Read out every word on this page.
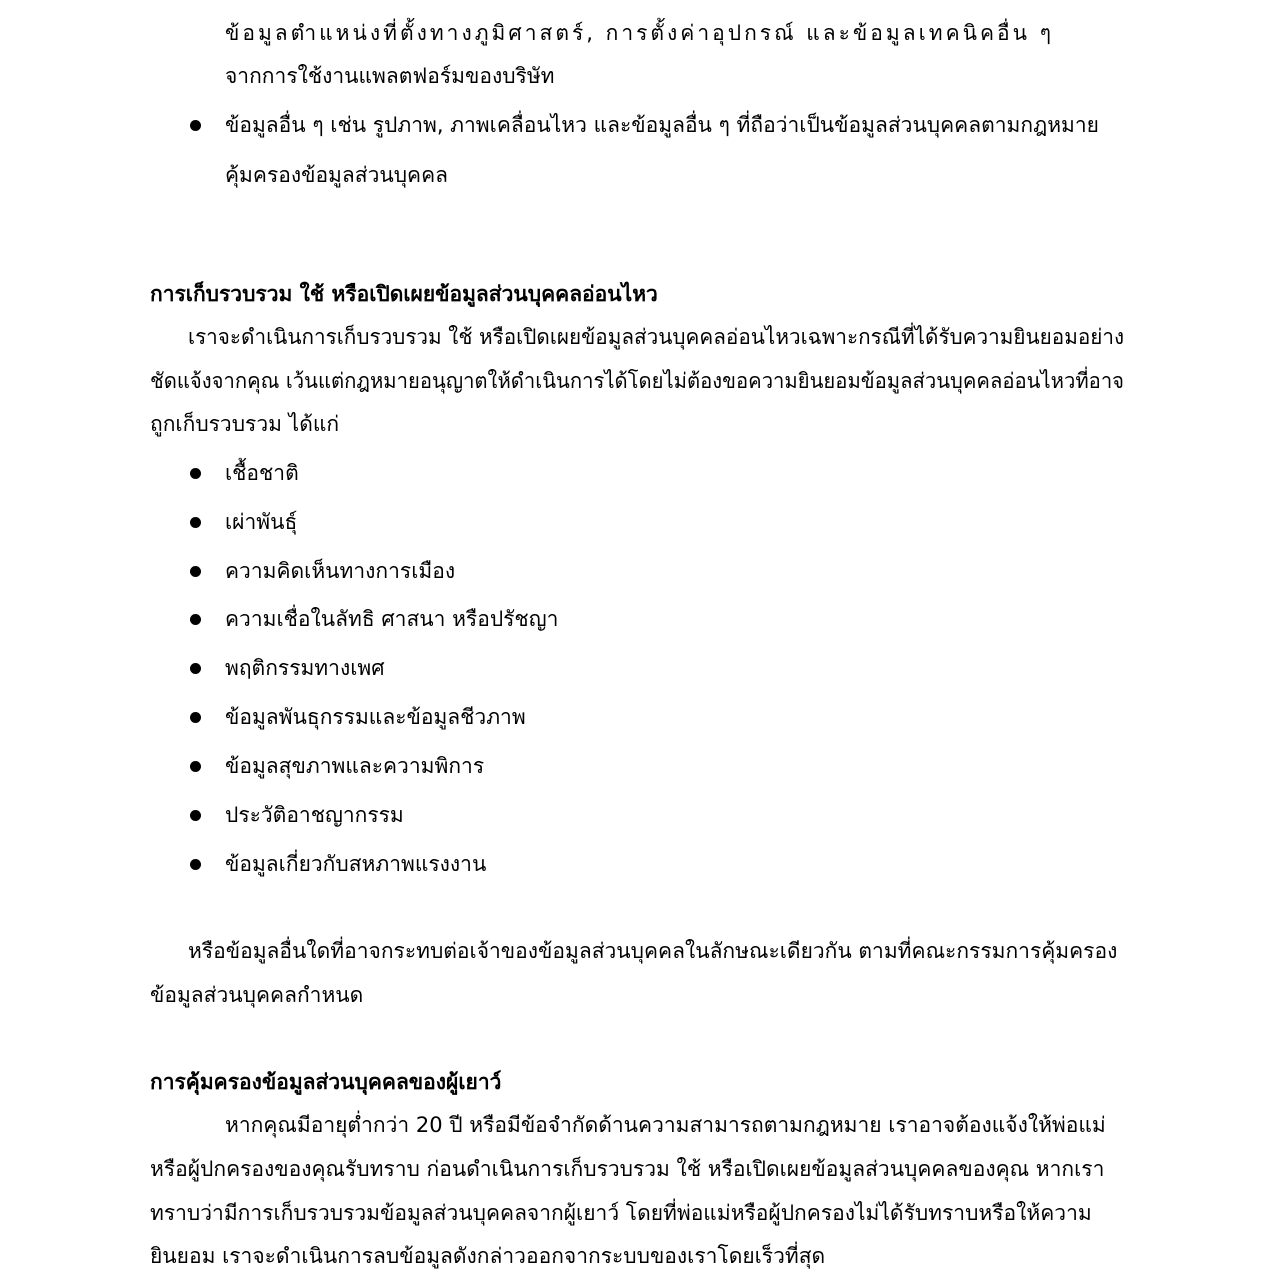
ข้อมูลตำแหน่งที่ตั้งทางภูมิศาสตร์, การตั้งค่าอุปกรณ์ และข้อมูลเทคนิคอื่น ๆ
จากการใช้งานแพลตฟอร์มของบริษัท
ข้อมูลอื่น ๆ เช่น รูปภาพ, ภาพเคลื่อนไหว และข้อมูลอื่น ๆ ที่ถือว่าเป็นข้อมูลส่วนบุคคลตามกฎหมาย
คุ้มครองข้อมูลส่วนบุคคล
การเก็บรวบรวม ใช้ หรือเปิดเผยข้อมูลส่วนบุคคลอ่อนไหว
เราจะดำเนินการเก็บรวบรวม ใช้ หรือเปิดเผยข้อมูลส่วนบุคคลอ่อนไหวเฉพาะกรณีที่ได้รับความยินยอมอย่าง
ชัดแจ้งจากคุณ เว้นแต่กฎหมายอนุญาตให้ดำเนินการได้โดยไม่ต้องขอความยินยอมข้อมูลส่วนบุคคลอ่อนไหวที่อาจ
ถูกเก็บรวบรวม ได้แก่
เชื้อชาติ
เผ่าพันธุ์
ความคิดเห็นทางการเมือง
ความเชื่อในลัทธิ ศาสนา หรือปรัชญา
พฤติกรรมทางเพศ
ข้อมูลพันธุกรรมและข้อมูลชีวภาพ
ข้อมูลสุขภาพและความพิการ
ประวัติอาชญากรรม
ข้อมูลเกี่ยวกับสหภาพแรงงาน
หรือข้อมูลอื่นใดที่อาจกระทบต่อเจ้าของข้อมูลส่วนบุคคลในลักษณะเดียวกัน ตามที่คณะกรรมการคุ้มครอง
ข้อมูลส่วนบุคคลกำหนด
การคุ้มครองข้อมูลส่วนบุคคลของผู้เยาว์
หากคุณมีอายุต่ำกว่า 20 ปี หรือมีข้อจำกัดด้านความสามารถตามกฎหมาย เราอาจต้องแจ้งให้พ่อแม่
หรือผู้ปกครองของคุณรับทราบ ก่อนดำเนินการเก็บรวบรวม ใช้ หรือเปิดเผยข้อมูลส่วนบุคคลของคุณ หากเรา
ทราบว่ามีการเก็บรวบรวมข้อมูลส่วนบุคคลจากผู้เยาว์ โดยที่พ่อแม่หรือผู้ปกครองไม่ได้รับทราบหรือให้ความ
ยินยอม เราจะดำเนินการลบข้อมูลดังกล่าวออกจากระบบของเราโดยเร็วที่สุด
